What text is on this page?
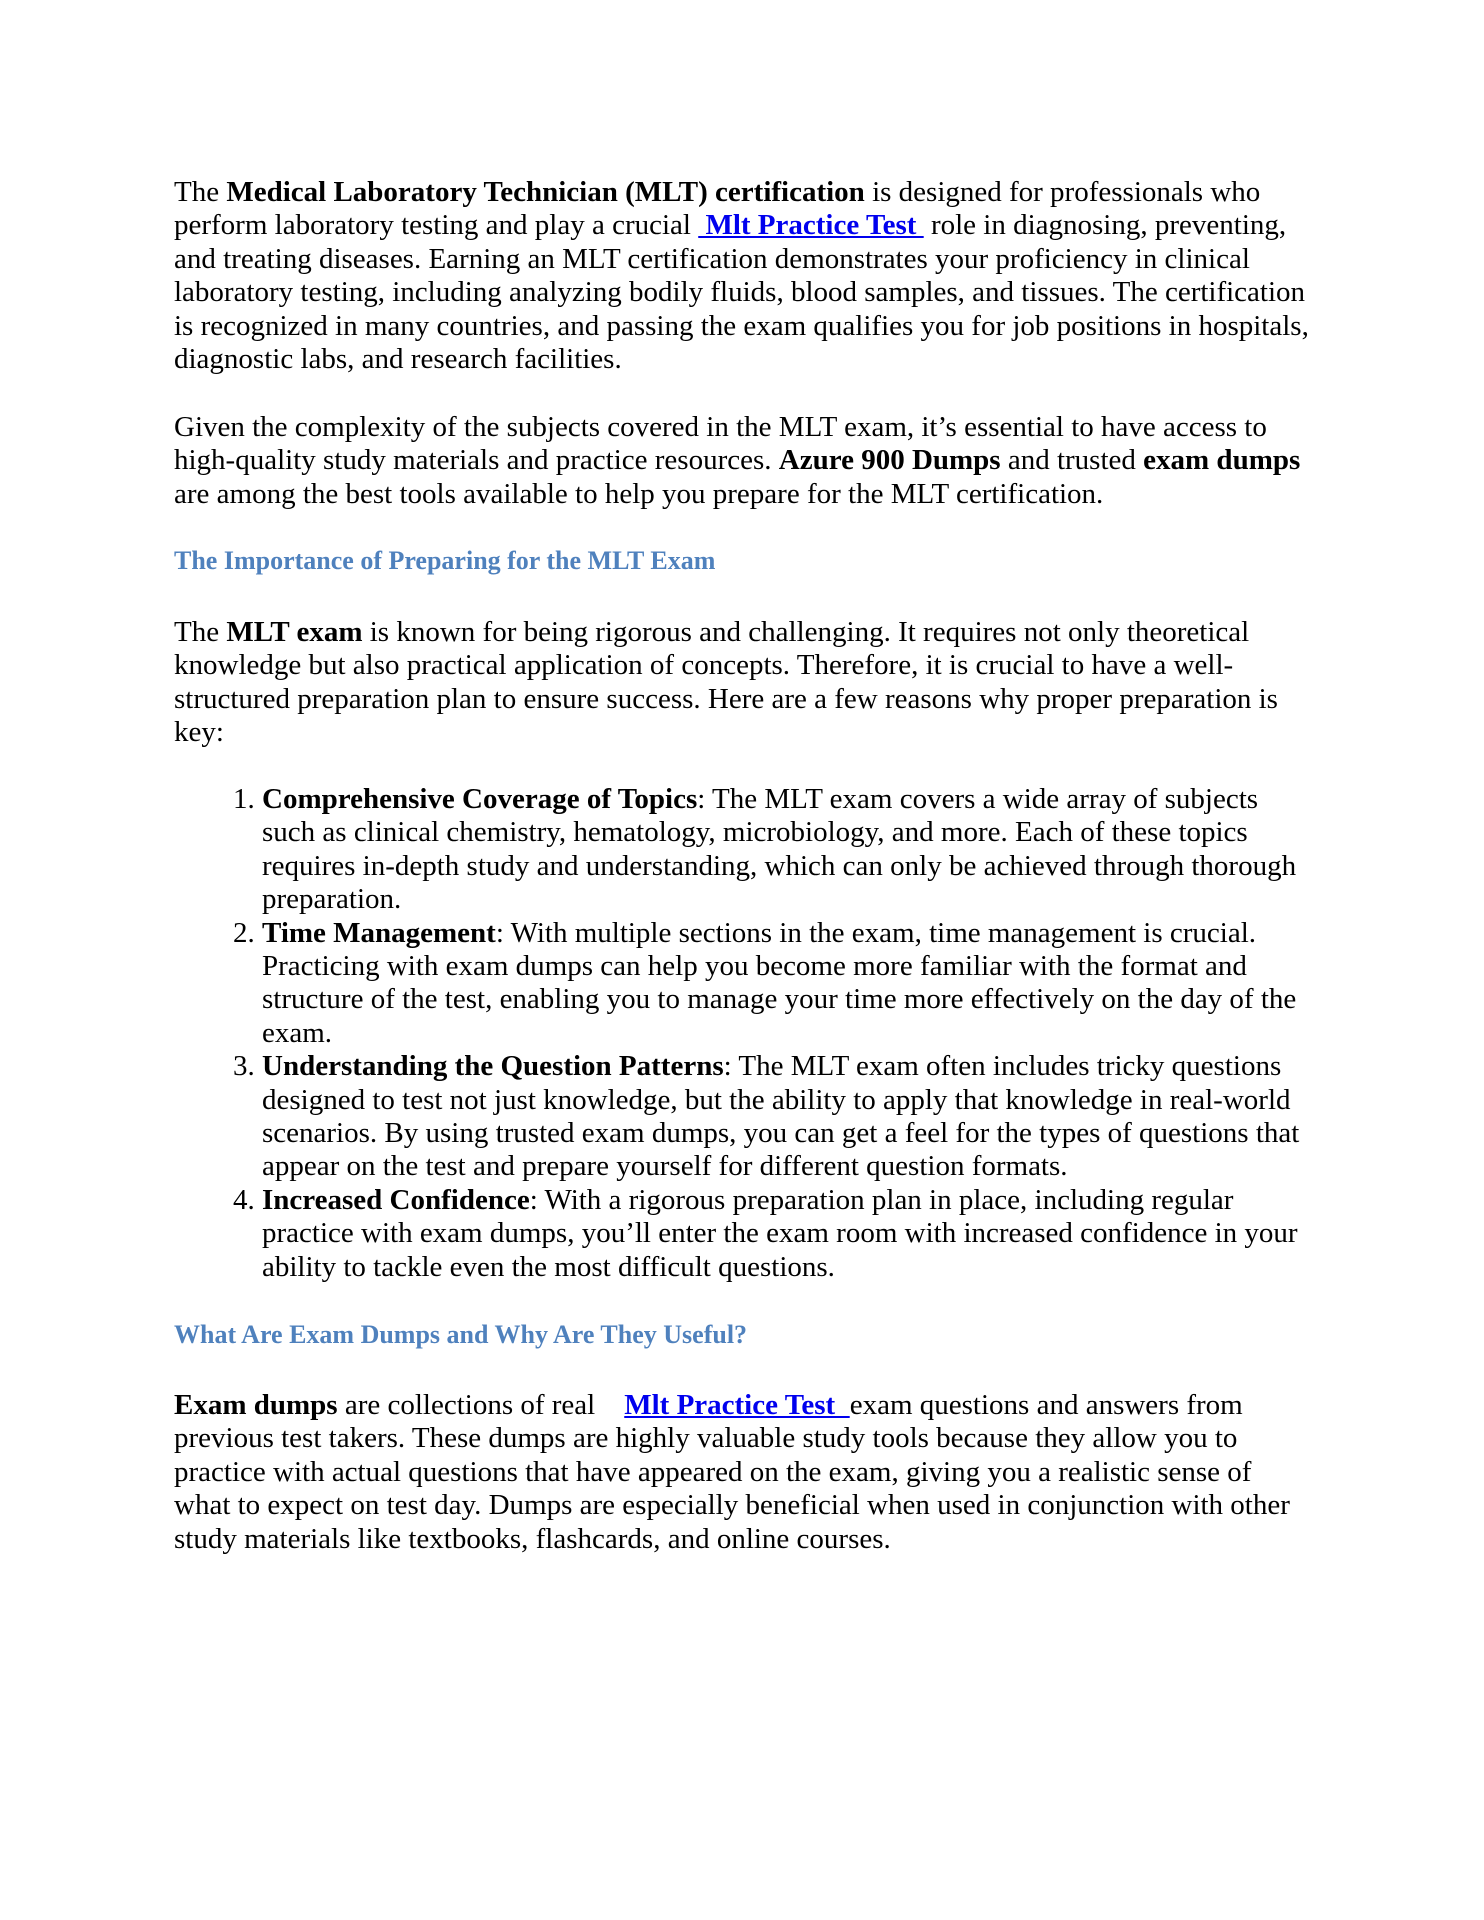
The Medical Laboratory Technician (MLT) certification is designed for professionals who perform laboratory testing and play a crucial  Mlt Practice Test  role in diagnosing, preventing, and treating diseases. Earning an MLT certification demonstrates your proficiency in clinical laboratory testing, including analyzing bodily fluids, blood samples, and tissues. The certification is recognized in many countries, and passing the exam qualifies you for job positions in hospitals, diagnostic labs, and research facilities.

Given the complexity of the subjects covered in the MLT exam, it’s essential to have access to high-quality study materials and practice resources. Azure 900 Dumps and trusted exam dumps are among the best tools available to help you prepare for the MLT certification.

The Importance of Preparing for the MLT Exam

The MLT exam is known for being rigorous and challenging. It requires not only theoretical knowledge but also practical application of concepts. Therefore, it is crucial to have a well-structured preparation plan to ensure success. Here are a few reasons why proper preparation is key:

1. Comprehensive Coverage of Topics: The MLT exam covers a wide array of subjects such as clinical chemistry, hematology, microbiology, and more. Each of these topics requires in-depth study and understanding, which can only be achieved through thorough preparation.
2. Time Management: With multiple sections in the exam, time management is crucial. Practicing with exam dumps can help you become more familiar with the format and structure of the test, enabling you to manage your time more effectively on the day of the exam.
3. Understanding the Question Patterns: The MLT exam often includes tricky questions designed to test not just knowledge, but the ability to apply that knowledge in real-world scenarios. By using trusted exam dumps, you can get a feel for the types of questions that appear on the test and prepare yourself for different question formats.
4. Increased Confidence: With a rigorous preparation plan in place, including regular practice with exam dumps, you’ll enter the exam room with increased confidence in your ability to tackle even the most difficult questions.
What Are Exam Dumps and Why Are They Useful?

Exam dumps are collections of real    Mlt Practice Test  exam questions and answers from previous test takers. These dumps are highly valuable study tools because they allow you to practice with actual questions that have appeared on the exam, giving you a realistic sense of what to expect on test day. Dumps are especially beneficial when used in conjunction with other study materials like textbooks, flashcards, and online courses.
